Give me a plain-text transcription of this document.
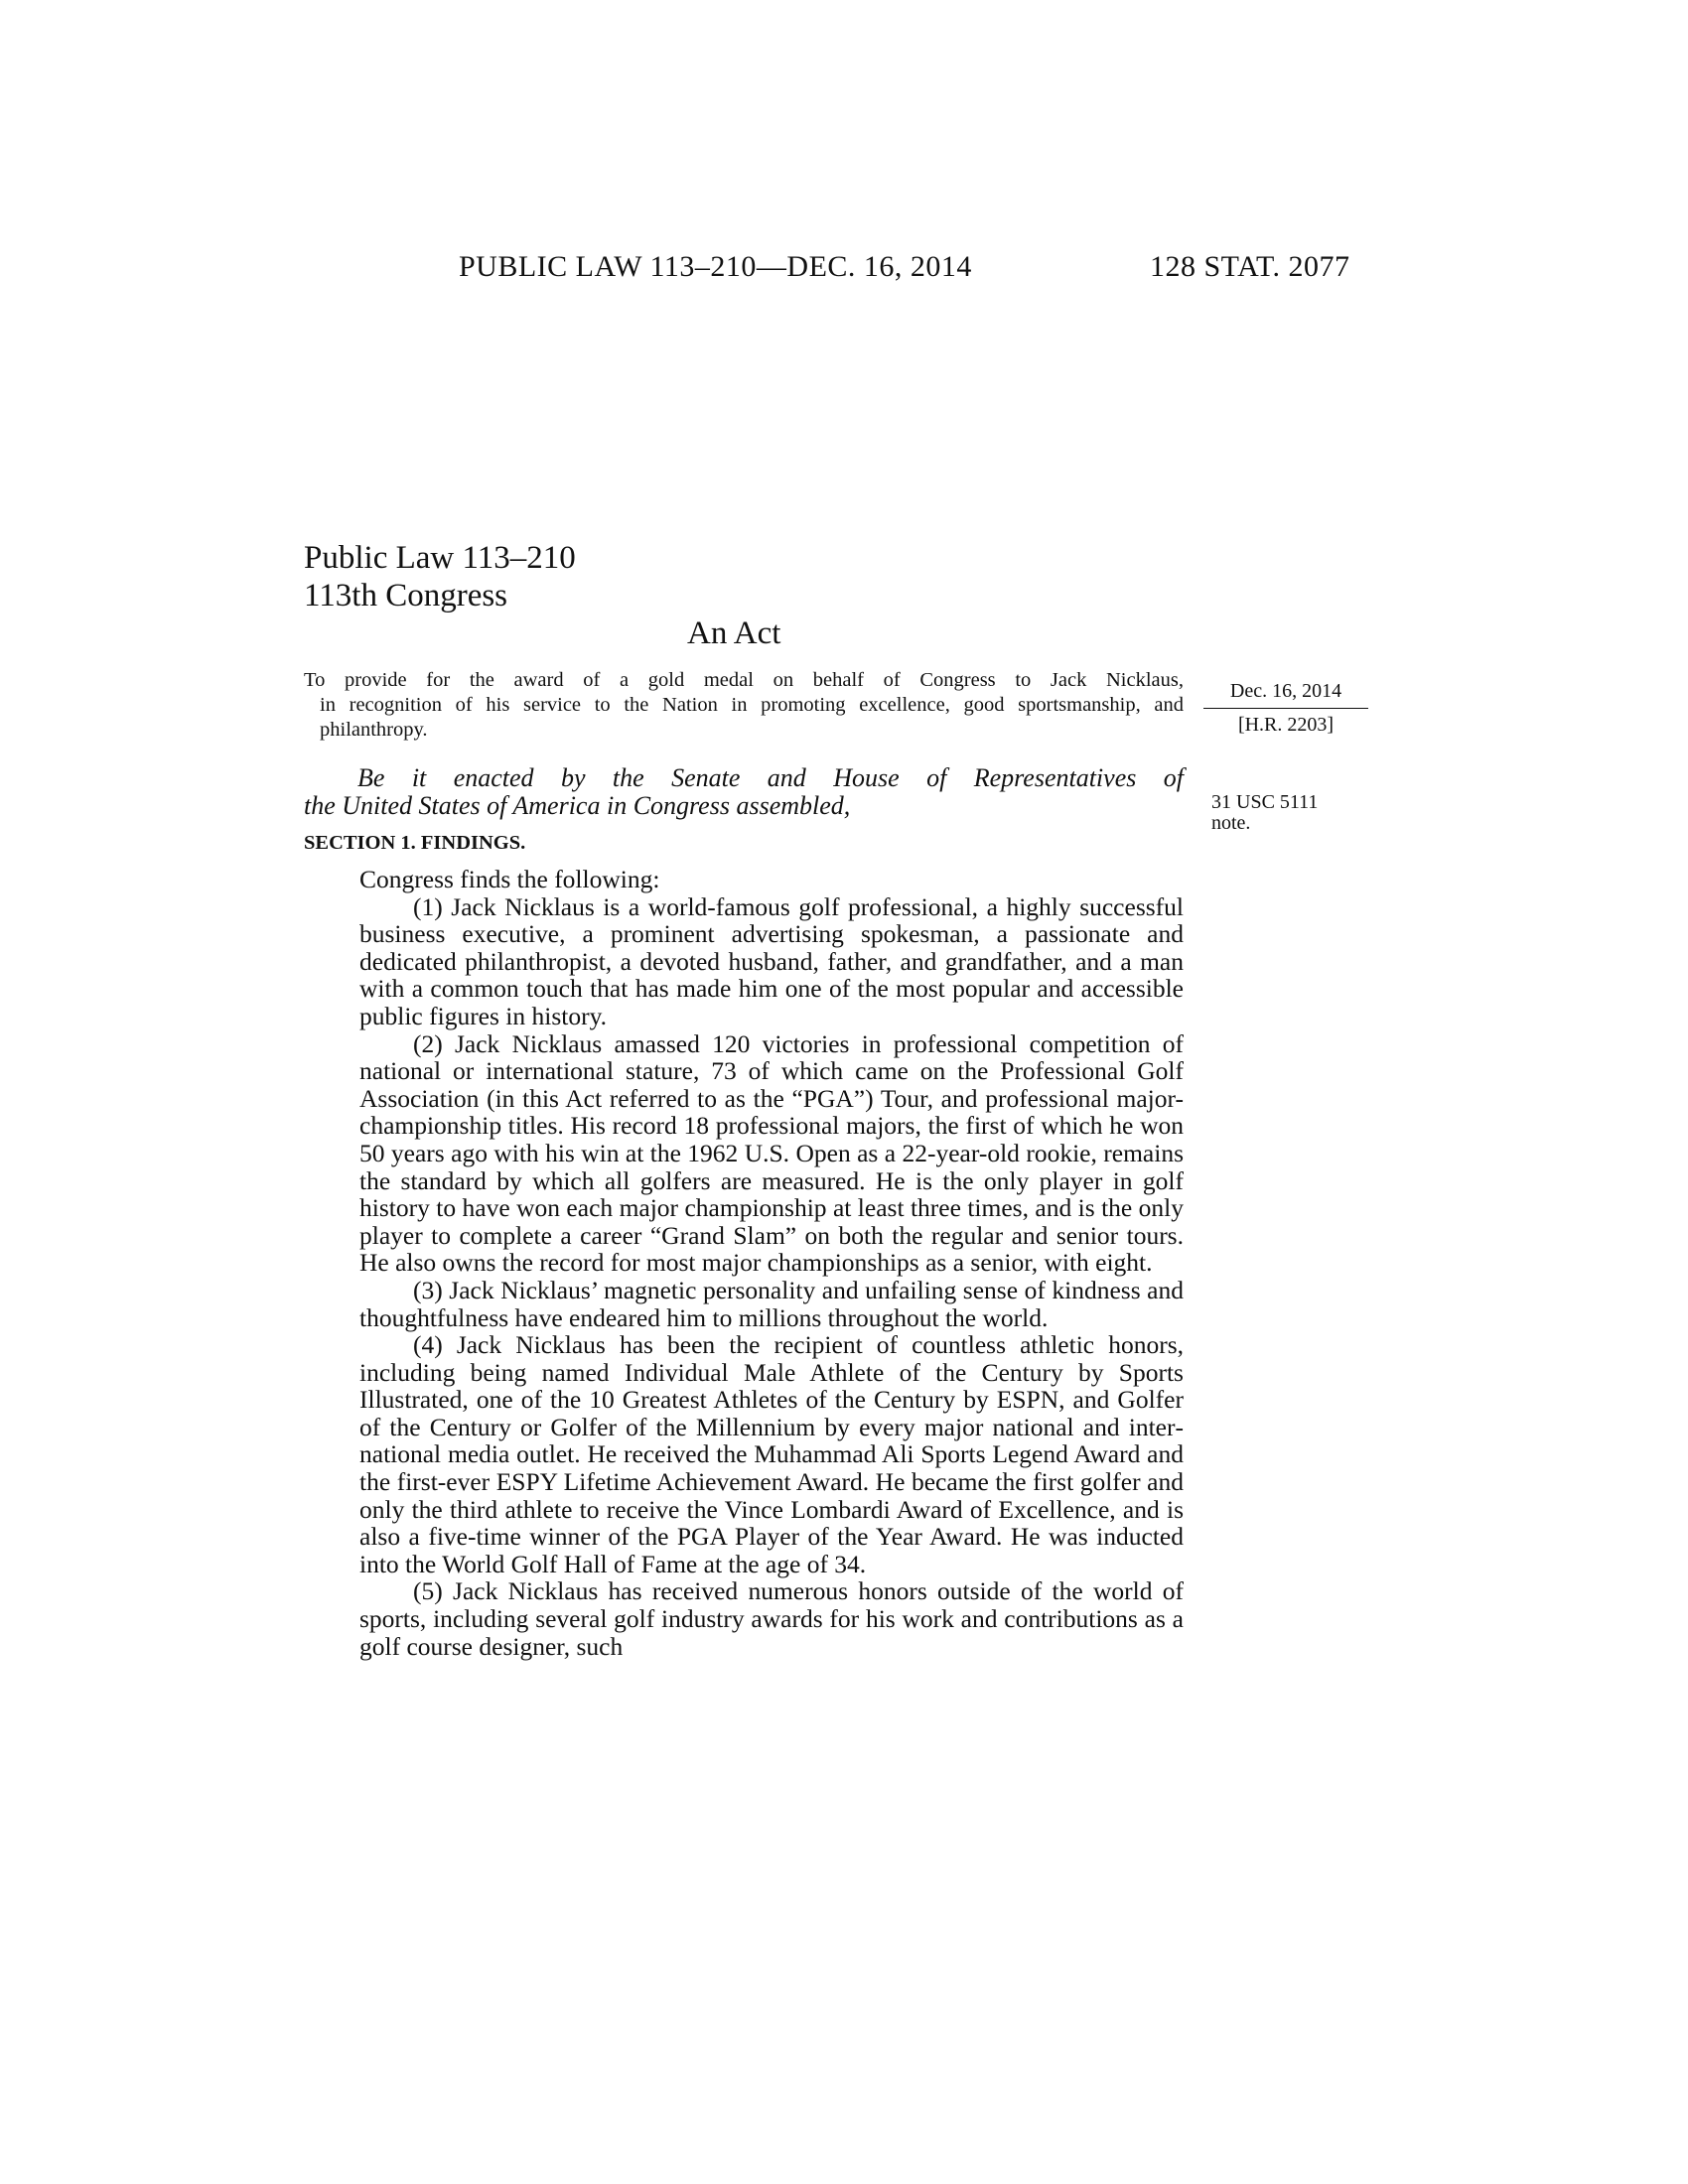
PUBLIC LAW 113–210—DEC. 16, 2014	128 STAT. 2077
Public Law 113–210
113th Congress
An Act
To provide for the award of a gold medal on behalf of Congress to Jack Nicklaus,
in recognition of his service to the Nation in promoting excellence, good sportsmanship, and philanthropy.
Dec. 16, 2014
[H.R. 2203]
31 USC 5111
note.
Be it enacted by the Senate and House of Representatives of
the United States of America in Congress assembled,
SECTION 1. FINDINGS.

Congress finds the following:

(1) Jack Nicklaus is a world-famous golf professional, a highly successful business executive, a prominent advertising spokesman, a passionate and dedicated philanthropist, a devoted husband, father, and grandfather, and a man with a common touch that has made him one of the most popular and accessible public figures in history.

(2) Jack Nicklaus amassed 120 victories in professional competition of national or international stature, 73 of which came on the Professional Golf Association (in this Act referred to as the “PGA”) Tour, and professional major-championship titles. His record 18 professional majors, the first of which he won 50 years ago with his win at the 1962 U.S. Open as a 22-year-old rookie, remains the standard by which all golfers are measured. He is the only player in golf history to have won each major championship at least three times, and is the only player to complete a career “Grand Slam” on both the regular and senior tours. He also owns the record for most major championships as a senior, with eight.

(3) Jack Nicklaus’ magnetic personality and unfailing sense of kindness and thoughtfulness have endeared him to millions throughout the world.

(4) Jack Nicklaus has been the recipient of countless athletic honors, including being named Individual Male Athlete of the Century by Sports Illustrated, one of the 10 Greatest Athletes of the Century by ESPN, and Golfer of the Century or Golfer of the Millennium by every major national and international media outlet. He received the Muhammad Ali Sports Legend Award and the first-ever ESPY Lifetime Achievement Award. He became the first golfer and only the third athlete to receive the Vince Lombardi Award of Excellence, and is also a five-time winner of the PGA Player of the Year Award. He was inducted into the World Golf Hall of Fame at the age of 34.

(5) Jack Nicklaus has received numerous honors outside of the world of sports, including several golf industry awards for his work and contributions as a golf course designer, such
